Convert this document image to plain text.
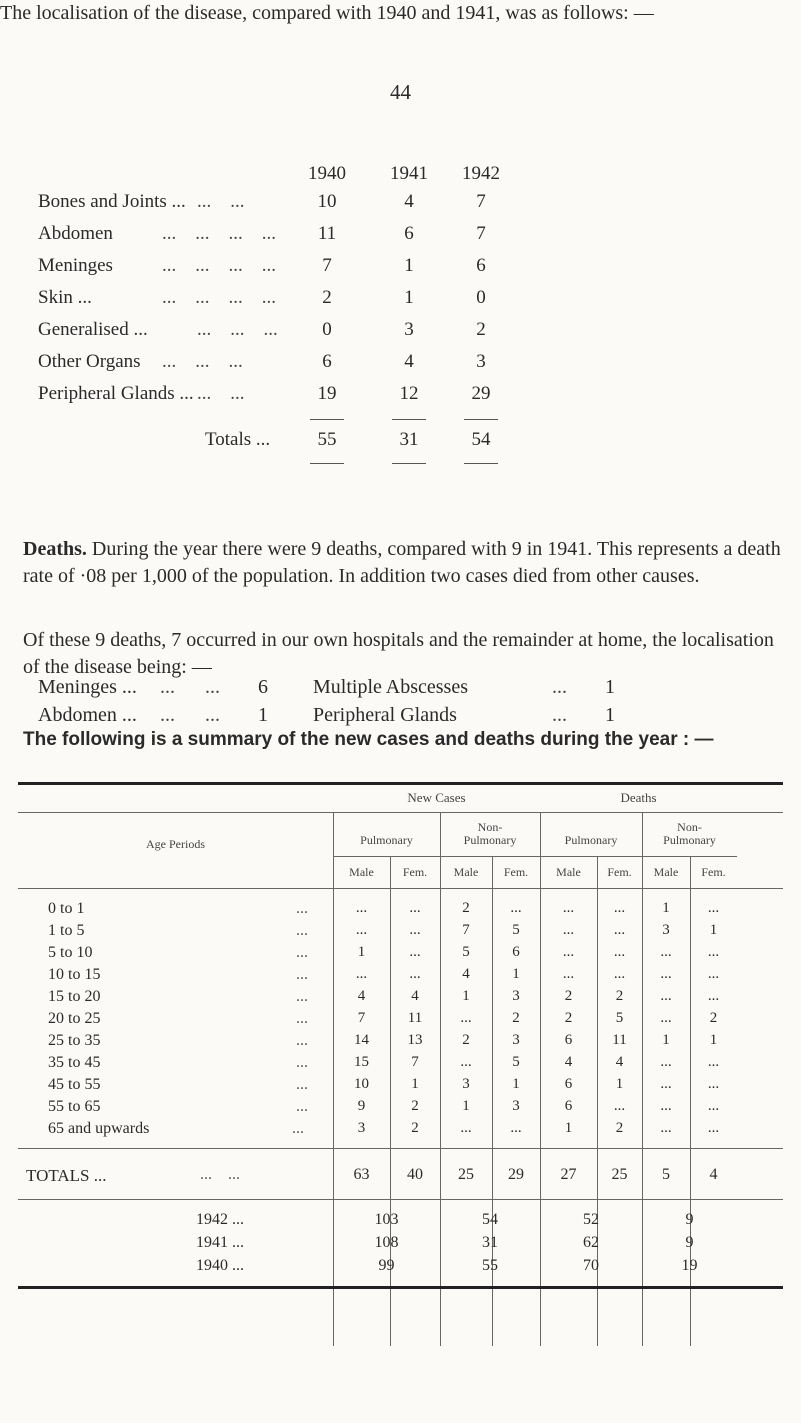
44

The localisation of the disease, compared with 1940 and 1941, was as follows: —

1940	1941	1942
Bones and Joints ... ...    ...	10	4	7
Abdomen	...    ...    ...    ...	11	6	7
Meninges	...    ...    ...    ...	7	1	6
Skin ...	...    ...    ...    ...	2	1	0
Generalised ...	...    ...    ...	0	3	2
Other Organs ...    ...    ...	6	4	3
Peripheral Glands ... ...    ...	19	12	29
Totals ...	55	31	54

Deaths. During the year there were 9 deaths, compared with 9 in 1941. This represents a death rate of ·08 per 1,000 of the population. In addition two cases died from other causes.

Of these 9 deaths, 7 occurred in our own hospitals and the remainder at home, the localisation of the disease being: —

Meninges ... ...      ... 6
Abdomen ... ...      ... 1
Multiple Abscesses	... 1
Peripheral Glands	... 1

The following is a summary of the new cases and deaths during the year : —

New Cases	Deaths
Age Periods	Pulmonary
Non-
Pulmonary	Pulmonary
Non-
Pulmonary
Male	Fem.	Male	Fem.	Male	Fem.	Male	Fem.
0 to 1	...	...	...	2	...	...	...	1	...
1 to 5	...	...	...	7	5	...	...	3	1
5 to 10	...	1	...	5	6	...	...	...	...
10 to 15	...	...	...	4	1	...	...	...	...
15 to 20	...	4	4	1	3	2	2	...	...
20 to 25	...	7	11	...	2	2	5	...	2
25 to 35	...	14	13	2	3	6	11	1	1
35 to 45	...	15	7	...	5	4	4	...	...
45 to 55	...	10	1	3	1	6	1	...	...
55 to 65	...	9	2	1	3	6	...	...	...
65 and upwards	...	3	2	...	...	1	2	...	...
TOTALS ...	...    ...	63	40	25	29	27	25	5	4
1942 ...	103	54	52	9
1941 ...	108	31	62	9
1940 ...	99	55	70	19
